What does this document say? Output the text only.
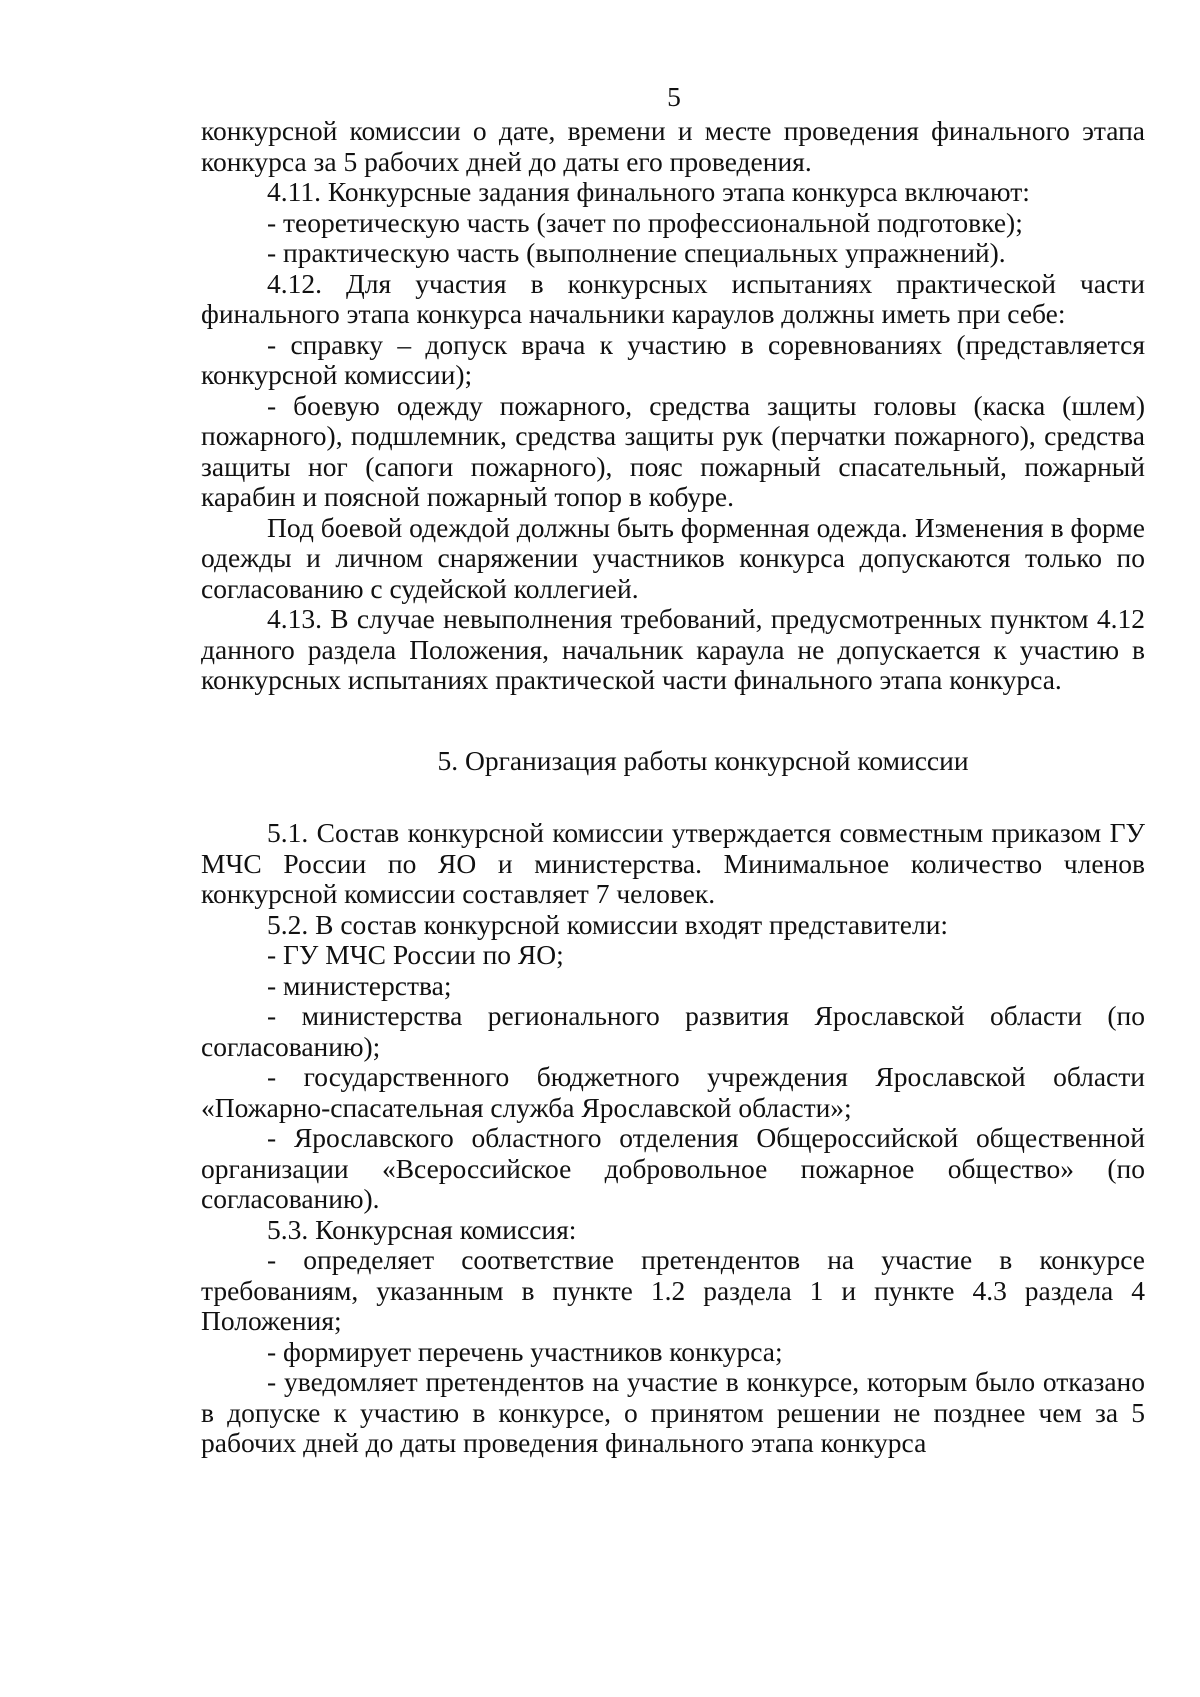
5

конкурсной комиссии о дате, времени и месте проведения финального этапа конкурса за 5 рабочих дней до даты его проведения.

4.11. Конкурсные задания финального этапа конкурса включают:

- теоретическую часть (зачет по профессиональной подготовке);

- практическую часть (выполнение специальных упражнений).

4.12. Для участия в конкурсных испытаниях практической части финального этапа конкурса начальники караулов должны иметь при себе:

- справку – допуск врача к участию в соревнованиях (представляется конкурсной комиссии);

- боевую одежду пожарного, средства защиты головы (каска (шлем) пожарного), подшлемник, средства защиты рук (перчатки пожарного), средства защиты ног (сапоги пожарного), пояс пожарный спасательный, пожарный карабин и поясной пожарный топор в кобуре.

Под боевой одеждой должны быть форменная одежда. Изменения в форме одежды и личном снаряжении участников конкурса допускаются только по согласованию с судейской коллегией.

4.13. В случае невыполнения требований, предусмотренных пунктом 4.12 данного раздела Положения, начальник караула не допускается к участию в конкурсных испытаниях практической части финального этапа конкурса.

5. Организация работы конкурсной комиссии

5.1. Состав конкурсной комиссии утверждается совместным приказом ГУ МЧС России по ЯО и министерства. Минимальное количество членов конкурсной комиссии составляет 7 человек.

5.2. В состав конкурсной комиссии входят представители:

- ГУ МЧС России по ЯО;

- министерства;

- министерства регионального развития Ярославской области (по согласованию);

- государственного бюджетного учреждения Ярославской области «Пожарно-спасательная служба Ярославской области»;

- Ярославского областного отделения Общероссийской общественной организации «Всероссийское добровольное пожарное общество» (по согласованию).

5.3. Конкурсная комиссия:

- определяет соответствие претендентов на участие в конкурсе требованиям, указанным в пункте 1.2 раздела 1 и пункте 4.3 раздела 4 Положения;

- формирует перечень участников конкурса;

- уведомляет претендентов на участие в конкурсе, которым было отказано в допуске к участию в конкурсе, о принятом решении не позднее чем за 5 рабочих дней до даты проведения финального этапа конкурса
